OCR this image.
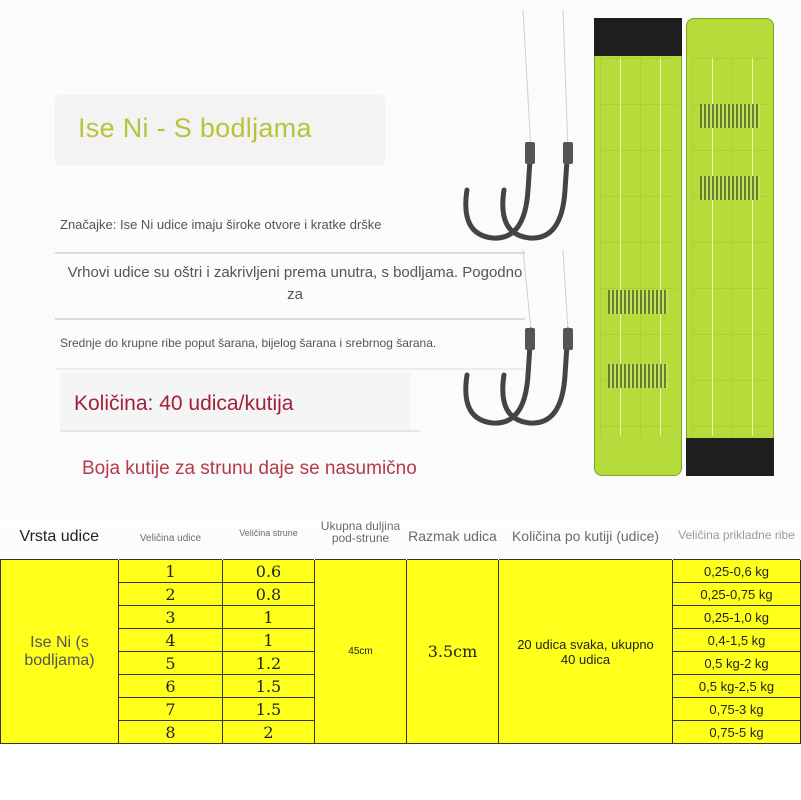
Ise Ni - S bodljama
Značajke: Ise Ni udice imaju široke otvore i kratke drške
Vrhovi udice su oštri i zakrivljeni prema unutra, s bodljama. Pogodno za
Srednje do krupne ribe poput šarana, bijelog šarana i srebrnog šarana.
Količina: 40 udica/kutija
Boja kutije za strunu daje se nasumično
Vrsta udice	Veličina udice	Veličina strune	Ukupna duljina pod-strune	Razmak udica	Količina po kutiji (udice)	Veličina prikladne ribe

Ise Ni (s bodljama)	1	0.6	45cm	3.5cm	20 udica svaka, ukupno 40 udica	0,25-0,6 kg
	2	0.8				0,25-0,75 kg
	3	1				0,25-1,0 kg
	4	1				0,4-1,5 kg
	5	1.2				0,5 kg-2 kg
	6	1.5				0,5 kg-2,5 kg
	7	1.5				0,75-3 kg
	8	2				0,75-5 kg
